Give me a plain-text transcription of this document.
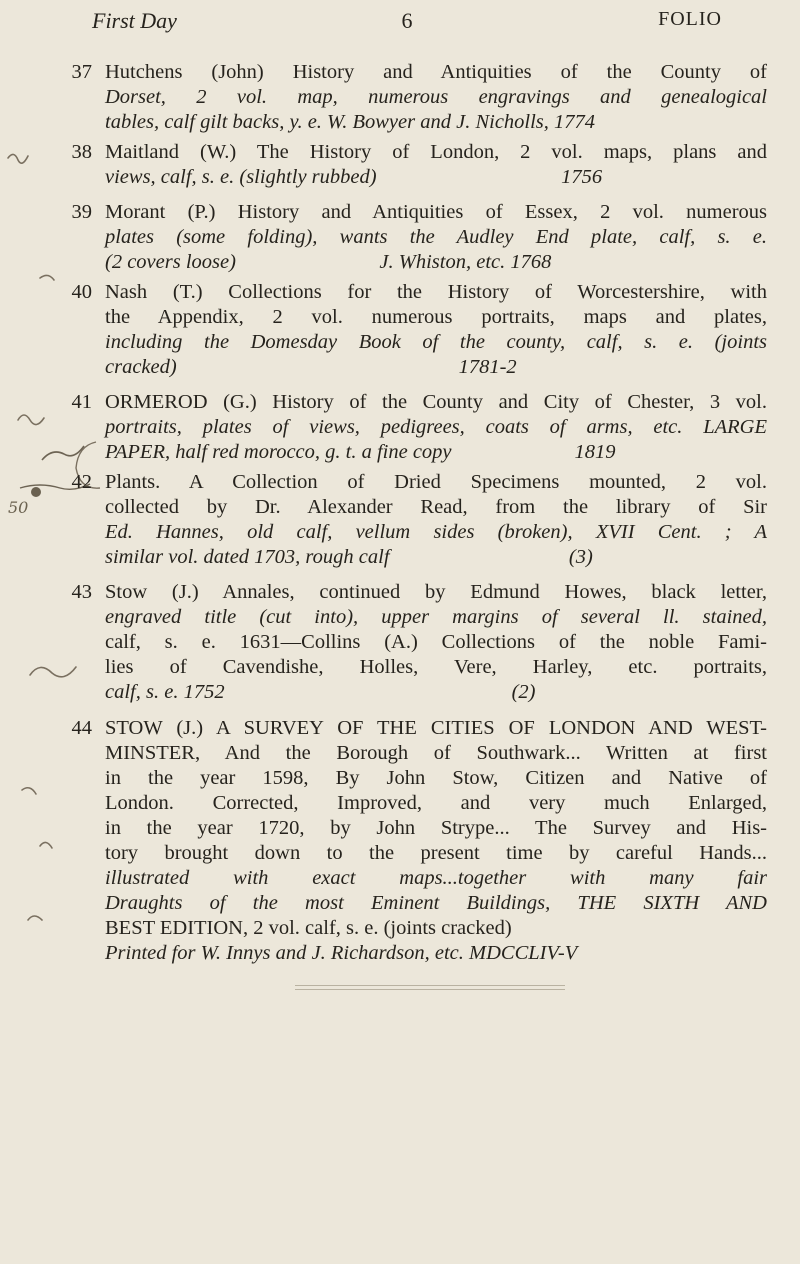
First Day	6	FOLIO
50
37 Hutchens (John) History and Antiquities of the County of
Dorset, 2 vol. map, numerous engravings and genealogical
tables, calf gilt backs, y. e. W. Bowyer and J. Nicholls, 1774
38 Maitland (W.) The History of London, 2 vol. maps, plans and
views, calf, s. e. (slightly rubbed)                                    1756
39 Morant (P.) History and Antiquities of Essex, 2 vol. numerous
plates (some folding), wants the Audley End plate, calf, s. e.
(2 covers loose)                            J. Whiston, etc. 1768
40 Nash (T.) Collections for the History of Worcestershire, with
the Appendix, 2 vol. numerous portraits, maps and plates,
including the Domesday Book of the county, calf, s. e. (joints
cracked)                                                       1781-2
41 ORMEROD (G.) History of the County and City of Chester, 3 vol.
portraits, plates of views, pedigrees, coats of arms, etc. LARGE
PAPER, half red morocco, g. t. a fine copy                        1819
42 Plants. A Collection of Dried Specimens mounted, 2 vol.
collected by Dr. Alexander Read, from the library of Sir
Ed. Hannes, old calf, vellum sides (broken), XVII Cent. ; A
similar vol. dated 1703, rough calf                                   (3)
43 Stow (J.) Annales, continued by Edmund Howes, black letter,
engraved title (cut into), upper margins of several ll. stained,
calf, s. e. 1631—Collins (A.) Collections of the noble Fami-
lies of Cavendishe, Holles, Vere, Harley, etc. portraits,
calf, s. e. 1752                                                        (2)
44 STOW (J.) A SURVEY OF THE CITIES OF LONDON AND WEST-
MINSTER, And the Borough of Southwark... Written at first
in the year 1598, By John Stow, Citizen and Native of
London. Corrected, Improved, and very much Enlarged,
in the year 1720, by John Strype... The Survey and His-
tory brought down to the present time by careful Hands...
illustrated with exact maps...together with many fair
Draughts of the most Eminent Buildings, THE SIXTH AND
BEST EDITION, 2 vol. calf, s. e. (joints cracked)
Printed for W. Innys and J. Richardson, etc. MDCCLIV-V
